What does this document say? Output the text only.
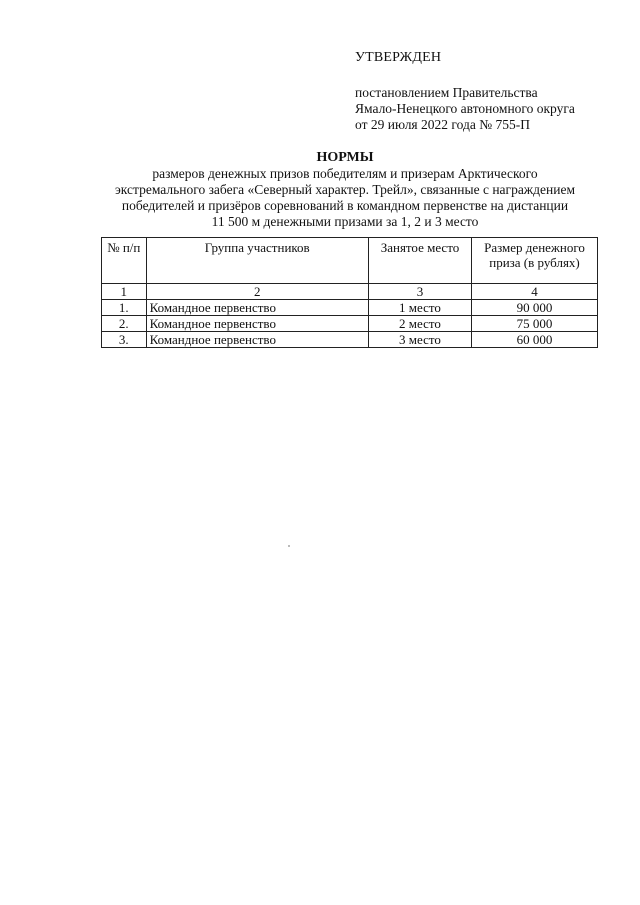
УТВЕРЖДЕН
постановлением Правительства
Ямало-Ненецкого автономного округа
от 29 июля 2022 года № 755-П
НОРМЫ
размеров денежных призов победителям и призерам Арктического
экстремального забега «Северный характер. Трейл», связанные с награждением
победителей и призёров соревнований в командном первенстве на дистанции
11 500 м денежными призами за 1, 2 и 3 место
№ п/п	Группа участников	Занятое место	Размер денежного приза (в рублях)
1	2	3	4
1.	Командное первенство	1 место	90 000
2.	Командное первенство	2 место	75 000
3.	Командное первенство	3 место	60 000
